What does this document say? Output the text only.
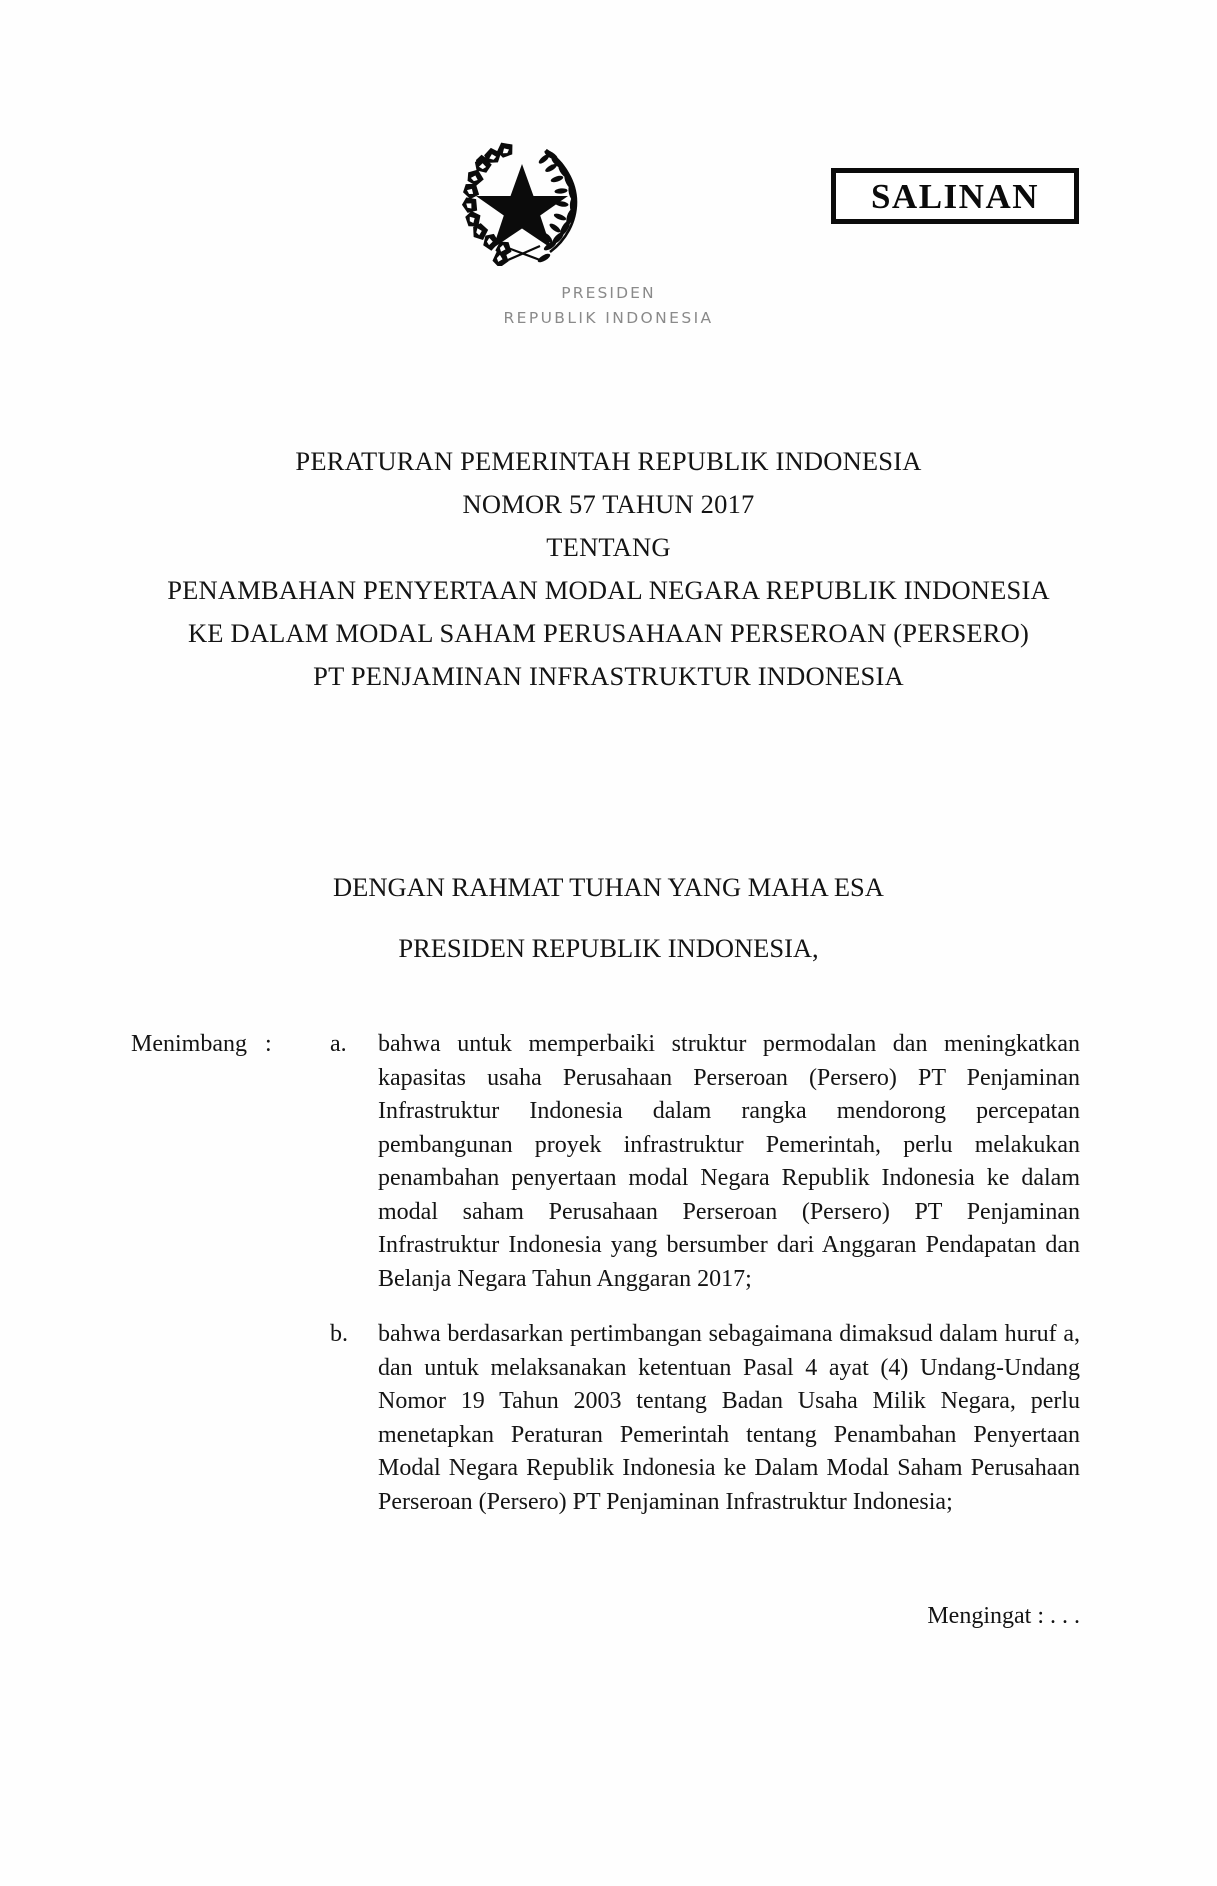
SALINAN
PRESIDEN
REPUBLIK INDONESIA
PERATURAN PEMERINTAH REPUBLIK INDONESIA
NOMOR 57 TAHUN 2017
TENTANG
PENAMBAHAN PENYERTAAN MODAL NEGARA REPUBLIK INDONESIA
KE DALAM MODAL SAHAM PERUSAHAAN PERSEROAN (PERSERO)
PT PENJAMINAN INFRASTRUKTUR INDONESIA
DENGAN RAHMAT TUHAN YANG MAHA ESA
PRESIDEN REPUBLIK INDONESIA,
Menimbang : a. bahwa untuk memperbaiki struktur permodalan dan meningkatkan kapasitas usaha Perusahaan Perseroan (Persero) PT Penjaminan Infrastruktur Indonesia dalam rangka mendorong percepatan pembangunan proyek infrastruktur Pemerintah, perlu melakukan penambahan penyertaan modal Negara Republik Indonesia ke dalam modal saham Perusahaan Perseroan (Persero) PT Penjaminan Infrastruktur Indonesia yang bersumber dari Anggaran Pendapatan dan Belanja Negara Tahun Anggaran 2017;
b. bahwa berdasarkan pertimbangan sebagaimana dimaksud dalam huruf a, dan untuk melaksanakan ketentuan Pasal 4 ayat (4) Undang-Undang Nomor 19 Tahun 2003 tentang Badan Usaha Milik Negara, perlu menetapkan Peraturan Pemerintah tentang Penambahan Penyertaan Modal Negara Republik Indonesia ke Dalam Modal Saham Perusahaan Perseroan (Persero) PT Penjaminan Infrastruktur Indonesia;
Mengingat : . . .
